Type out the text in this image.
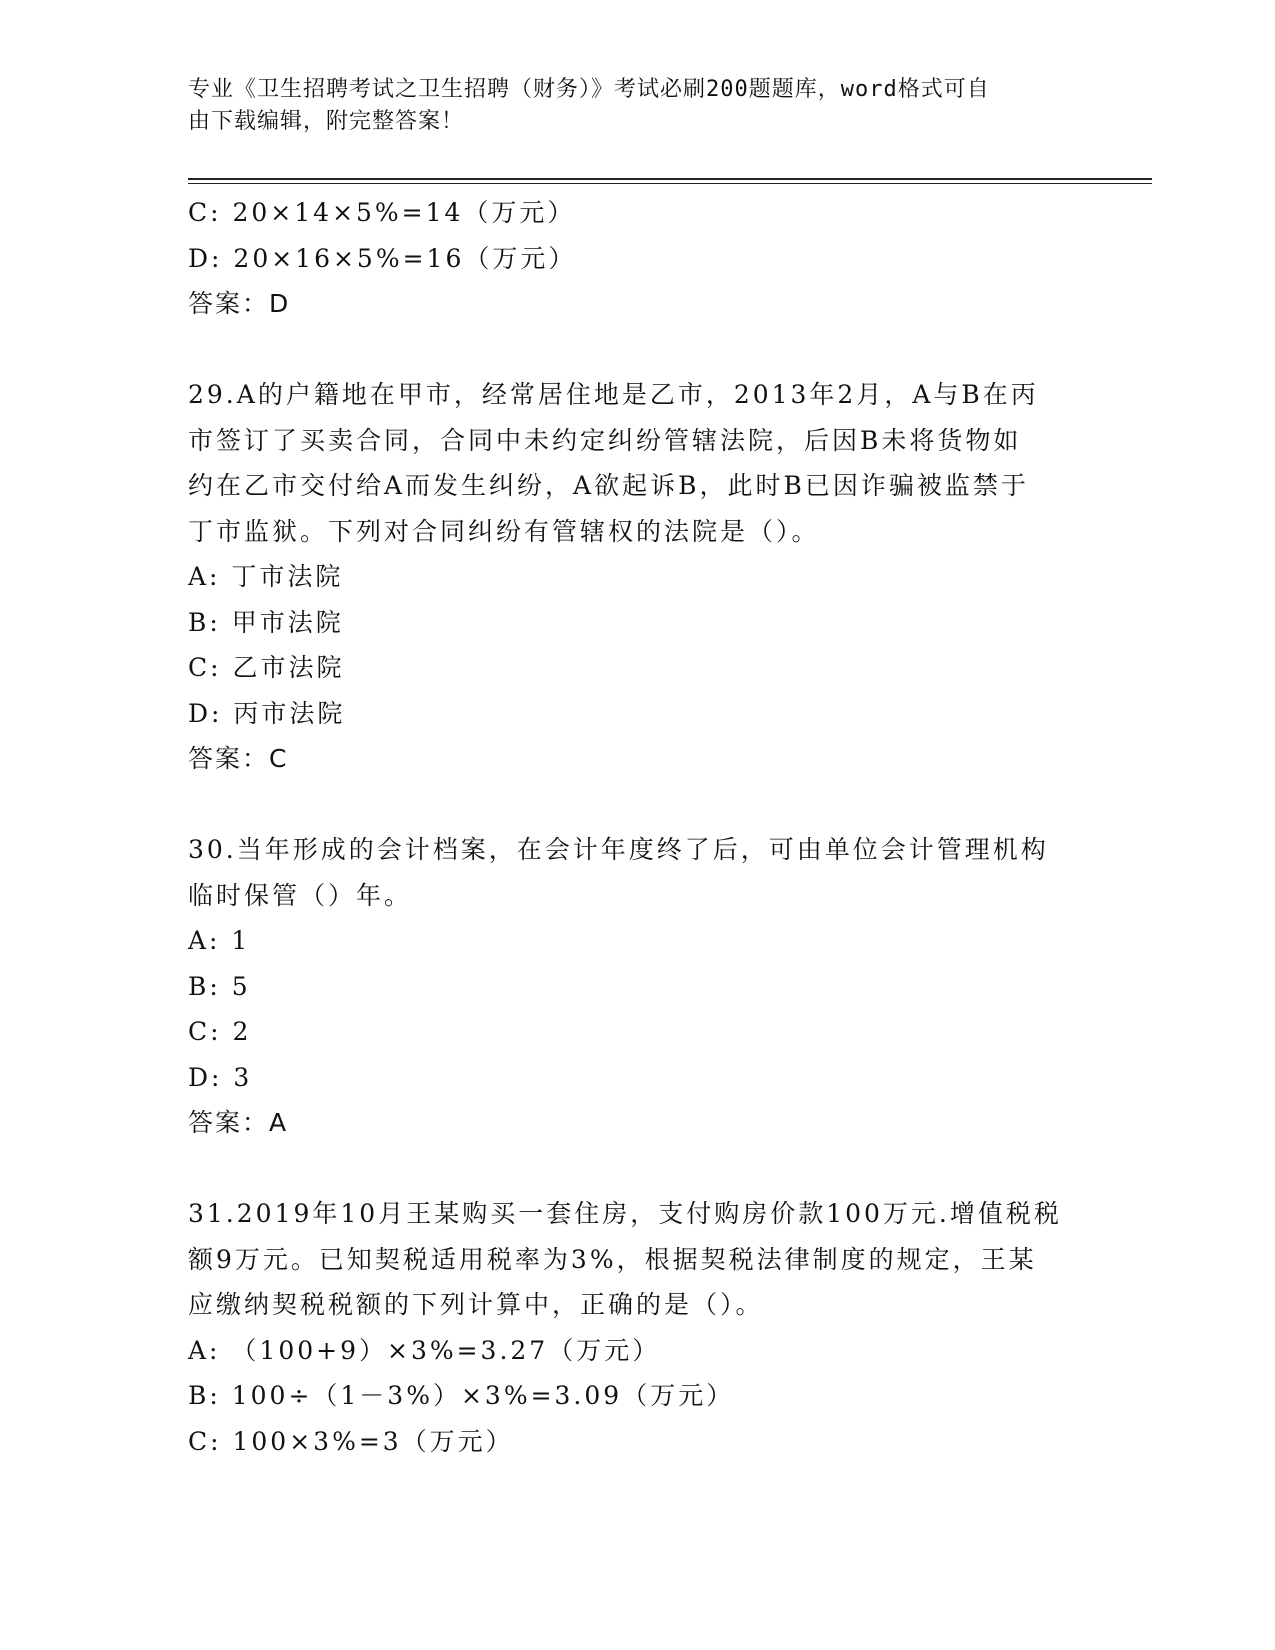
专业《卫生招聘考试之卫生招聘（财务）》考试必刷200题题库，word格式可自
由下载编辑，附完整答案！
C: 20×14×5%=14（万元）
D: 20×16×5%=16（万元）
答案：D
29.A的户籍地在甲市，经常居住地是乙市，2013年2月，A与B在丙
市签订了买卖合同，合同中未约定纠纷管辖法院，后因B未将货物如
约在乙市交付给A而发生纠纷，A欲起诉B，此时B已因诈骗被监禁于
丁市监狱。下列对合同纠纷有管辖权的法院是（）。
A: 丁市法院
B: 甲市法院
C: 乙市法院
D: 丙市法院
答案：C
30.当年形成的会计档案，在会计年度终了后，可由单位会计管理机构
临时保管（）年。
A: 1
B: 5
C: 2
D: 3
答案：A
31.2019年10月王某购买一套住房，支付购房价款100万元.增值税税
额9万元。已知契税适用税率为3%，根据契税法律制度的规定，王某
应缴纳契税税额的下列计算中，正确的是（）。
A: （100+9）×3%=3.27（万元）
B: 100÷（1－3%）×3%=3.09（万元）
C: 100×3%=3（万元）
